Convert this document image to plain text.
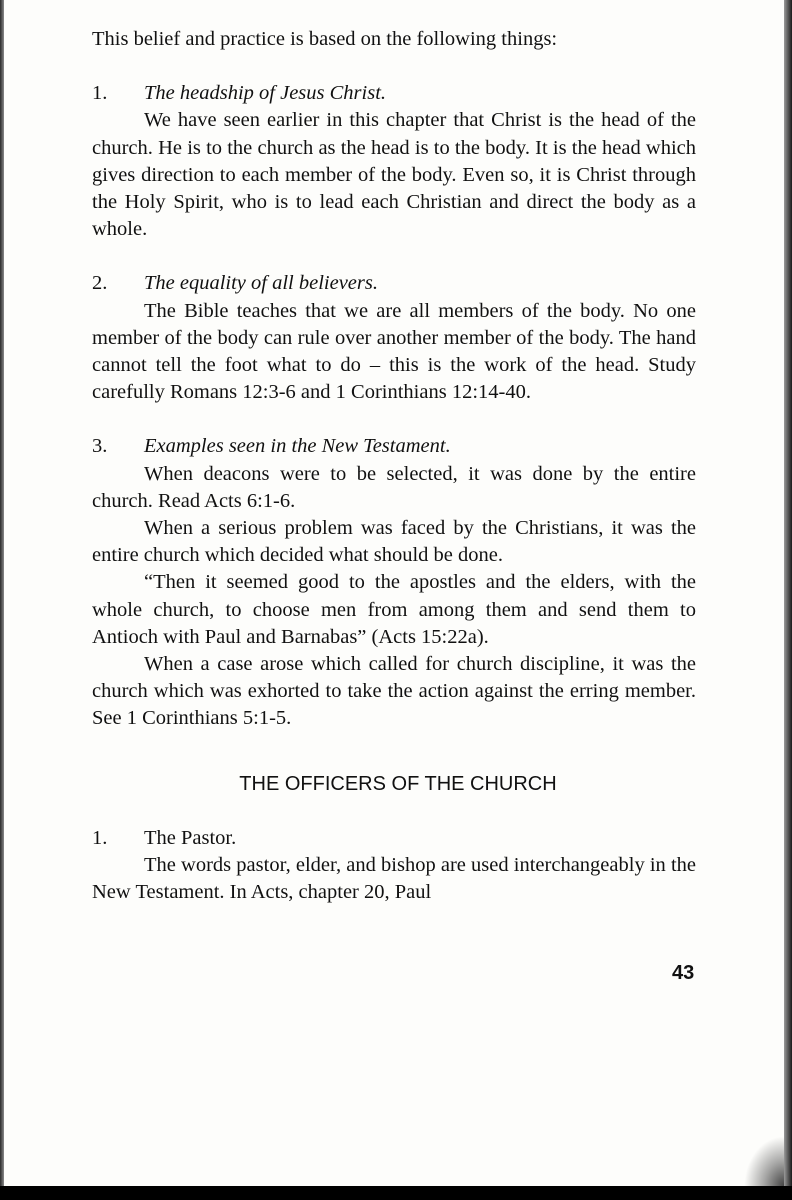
This belief and practice is based on the following things:

1.	The headship of Jesus Christ.

We have seen earlier in this chapter that Christ is the head of the church. He is to the church as the head is to the body. It is the head which gives direction to each member of the body. Even so, it is Christ through the Holy Spirit, who is to lead each Christian and direct the body as a whole.

2.	The equality of all believers.

The Bible teaches that we are all members of the body. No one member of the body can rule over another member of the body. The hand cannot tell the foot what to do – this is the work of the head. Study carefully Romans 12:3-6 and 1 Corinthians 12:14-40.

3.	Examples seen in the New Testament.

When deacons were to be selected, it was done by the entire church. Read Acts 6:1-6.

When a serious problem was faced by the Christians, it was the entire church which decided what should be done.

“Then it seemed good to the apostles and the elders, with the whole church, to choose men from among them and send them to Antioch with Paul and Barnabas” (Acts 15:22a).

When a case arose which called for church discipline, it was the church which was exhorted to take the action against the erring member. See 1 Corinthians 5:1-5.

THE OFFICERS OF THE CHURCH

1.	The Pastor.

The words pastor, elder, and bishop are used interchangeably in the New Testament. In Acts, chapter 20, Paul

43
